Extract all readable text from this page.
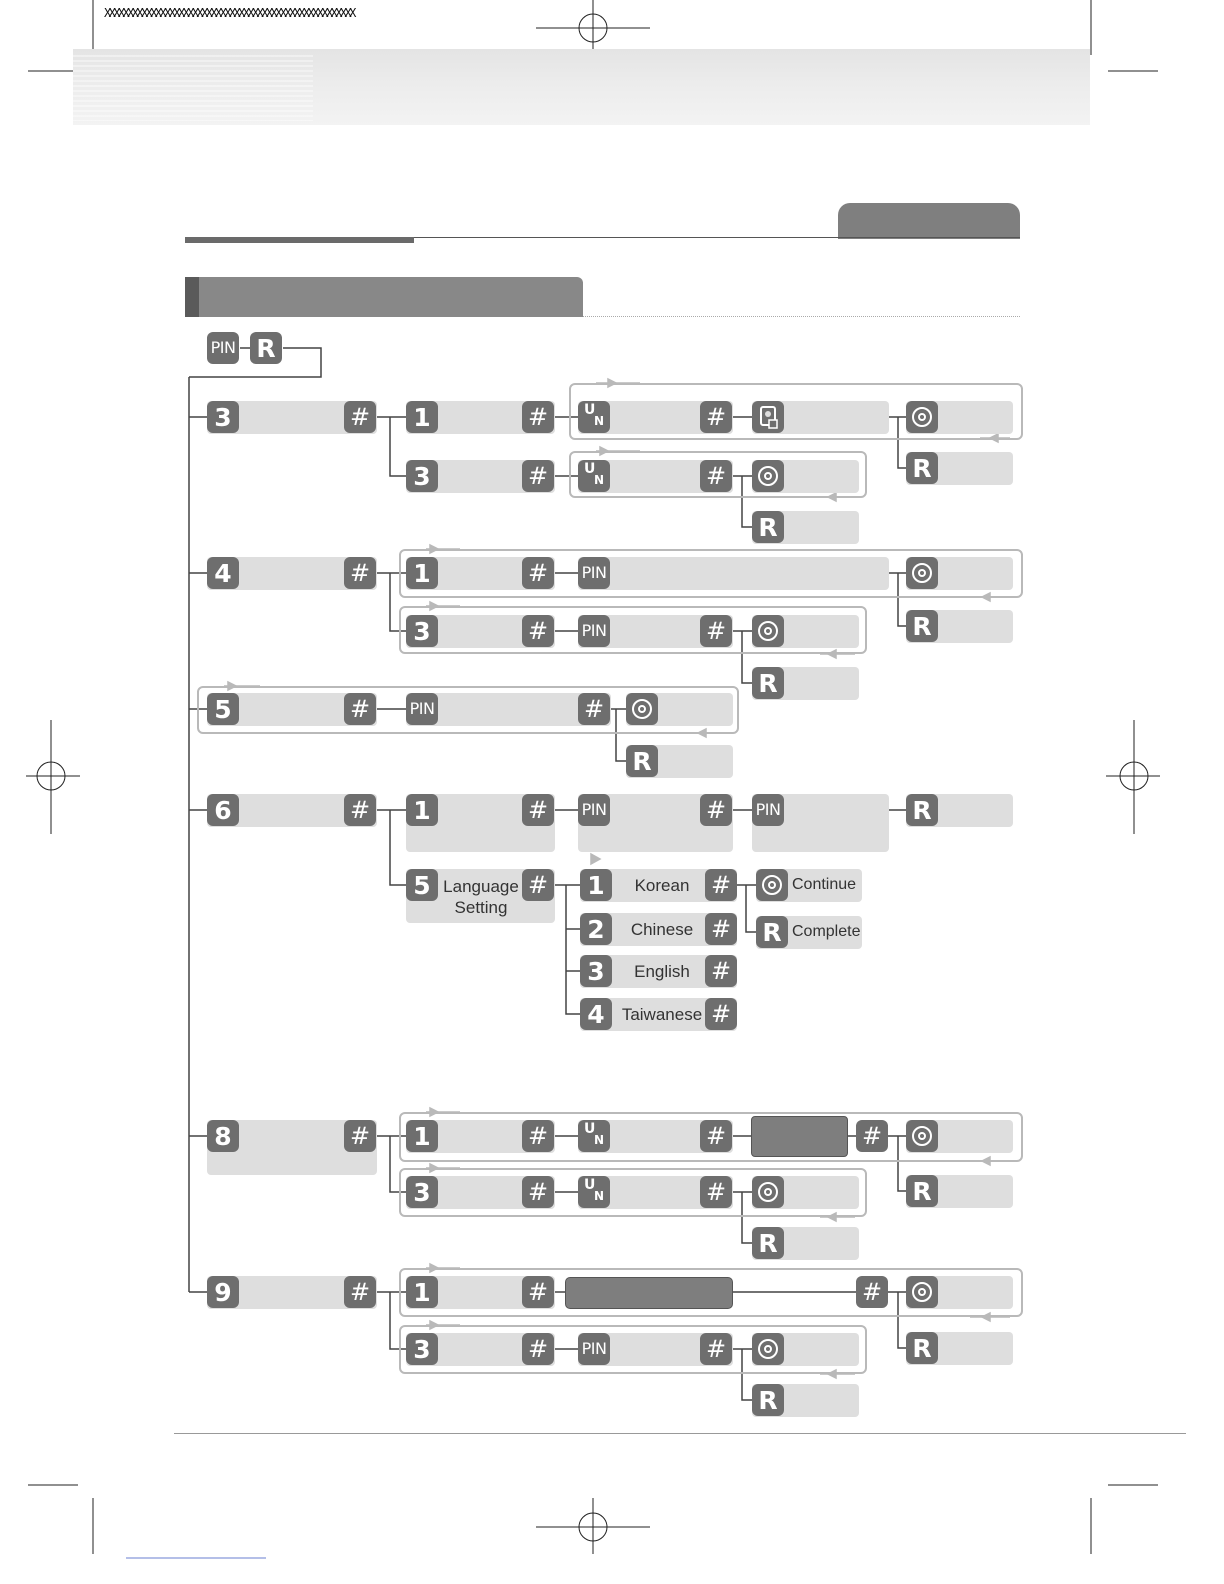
XXXXXXXXXXXXXXXXXXXXXXXXXXXXXXXXXXXXXXXXXXXXXXXXXXXXXX
PIN R
3	# 1	#	U
N	#
R
3	#	U
N	#
R
4	# 1	#	PIN
R
3	#	PIN	#
R
5	#	PIN	#
R
6	# 1	#	PIN	#	PIN	R
5 Language
Setting
# 1	Korean #
2	Chinese #
3	English #
4	Taiwanese #
Continue
R Complete
8	# 1	#	U
N	#	#
R
3	#	U
N	#
R
9	# 1	#	#
R
3	#	PIN	#
R
